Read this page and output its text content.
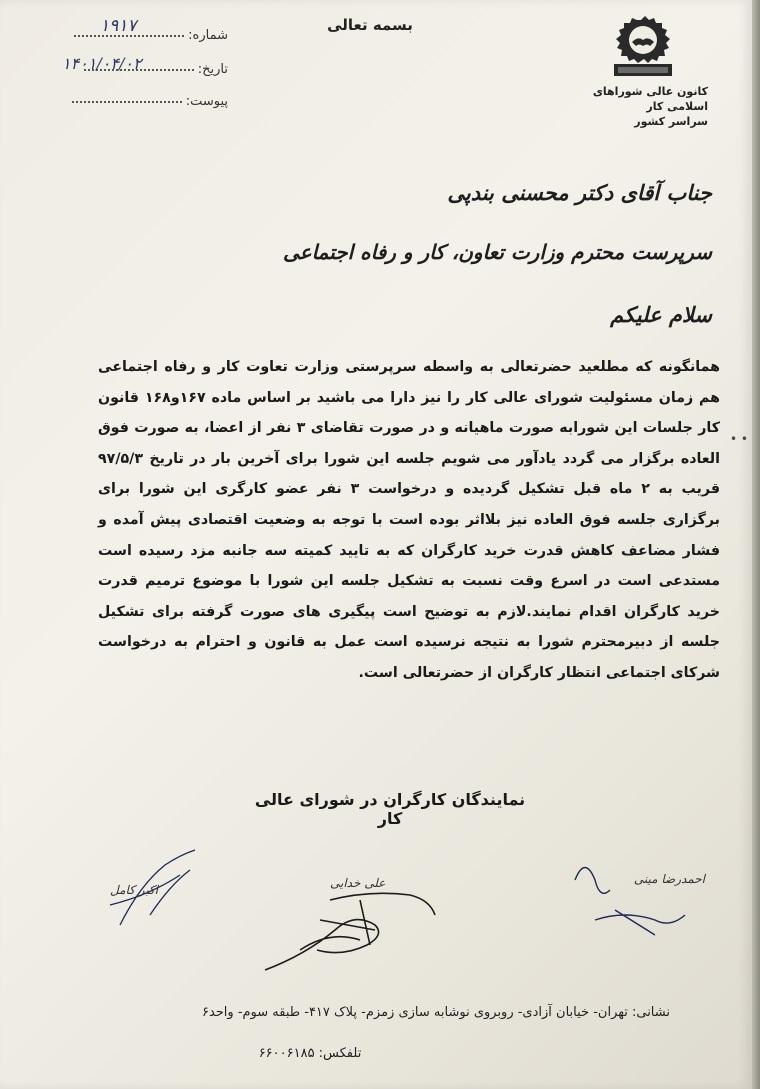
بسمه تعالی
شماره:
۱۹۱۷
تاریخ:
۱۴۰۱/۰۴/۰۲
پیوست:
کانون عالی شوراهای اسلامی کار
سراسر کشور
جناب آقای دکتر محسنی بندپی
سرپرست محترم وزارت تعاون، کار و رفاه اجتماعی
سلام علیکم
• •
همانگونه که مطلعید حضرتعالی به واسطه سرپرستی وزارت تعاوت کار و رفاه اجتماعی هم زمان مسئولیت شورای عالی کار را نیز دارا می باشید بر اساس ماده ۱۶۷و۱۶۸ قانون کار جلسات این شورابه صورت ماهیانه و در صورت تقاضای ۳ نفر از اعضا، به صورت فوق العاده برگزار می گردد یادآور می شویم جلسه این شورا برای آخرین بار در تاریخ ۹۷/۵/۳ قریب به ۲ ماه قبل تشکیل گردیده و درخواست ۳ نفر عضو کارگری این شورا برای برگزاری جلسه فوق العاده نیز بلااثر بوده است با توجه به وضعیت اقتصادی پیش آمده و فشار مضاعف کاهش قدرت خرید کارگران که به تایید کمیته سه جانبه مزد رسیده است مستدعی است در اسرع وقت نسبت به تشکیل جلسه این شورا با موضوع ترمیم قدرت خرید کارگران اقدام نمایند.لازم به توضیح است پیگیری های صورت گرفته برای تشکیل جلسه از دبیرمحترم شورا به نتیجه نرسیده است عمل به قانون و احترام به درخواست شرکای اجتماعی انتظار کارگران از حضرتعالی است.
نمایندگان کارگران در شورای عالی کار
احمدرضا مینی
علی خدایی
اکبر کامل
نشانی: تهران- خیابان آزادی- روبروی نوشابه سازی زمزم- پلاک ۴۱۷- طبقه سوم- واحد۶
تلفکس: ۶۶۰۰۶۱۸۵
